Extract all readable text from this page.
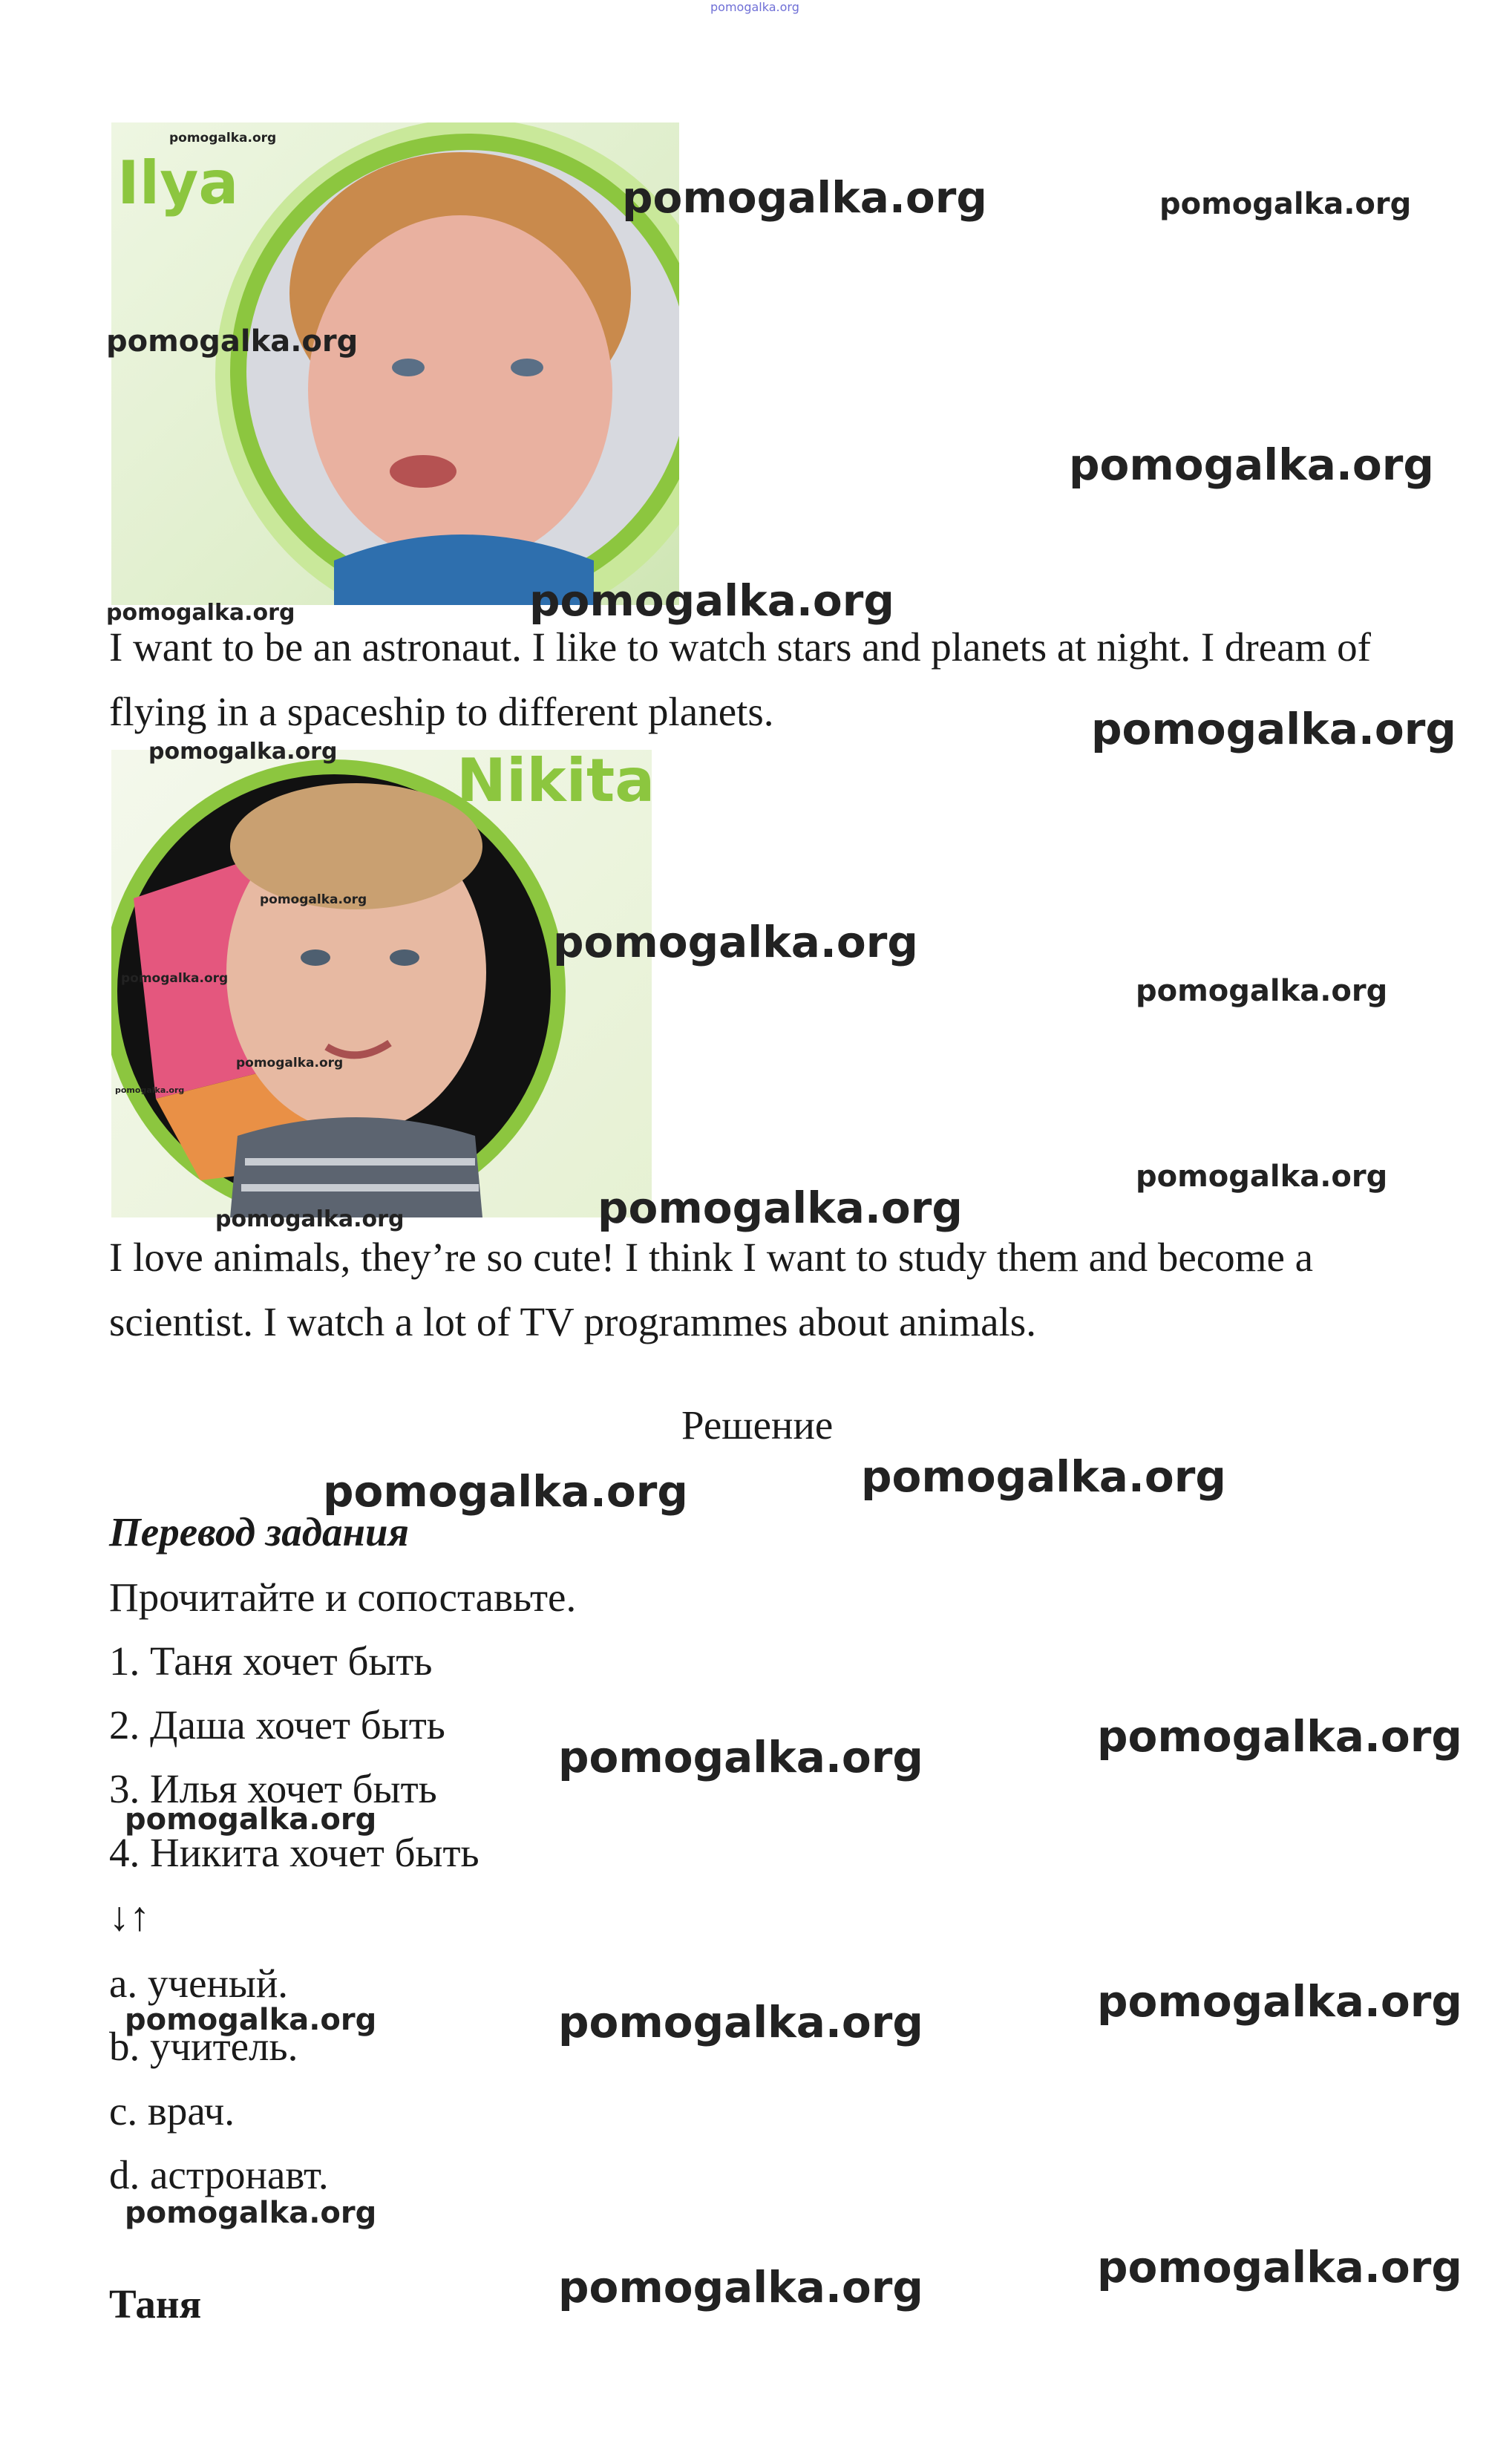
pomogalka.org
Ilya
Nikita
I want to be an astronaut. I like to watch stars and planets at night. I dream of flying in a spaceship to different planets.
I love animals, they’re so cute! I think I want to study them and become a scientist. I watch a lot of TV programmes about animals.
Решение
Перевод задания
Прочитайте и сопоставьте.
1. Таня хочет быть
2. Даша хочет быть
3. Илья хочет быть
4. Никита хочет быть
↓↑
a. ученый.
b. учитель.
c. врач.
d. астронавт.
Таня
pomogalka.org
pomogalka.org	pomogalka.org
pomogalka.org
pomogalka.org
pomogalka.org	pomogalka.org
pomogalka.org
pomogalka.org
pomogalka.org
pomogalka.org
pomogalka.org	pomogalka.org
pomogalka.org
pomogalka.org
pomogalka.org
pomogalka.org	pomogalka.org
pomogalka.org
pomogalka.org
pomogalka.org
pomogalka.org
pomogalka.org
pomogalka.org
pomogalka.org	pomogalka.org
pomogalka.org
pomogalka.org
pomogalka.org
